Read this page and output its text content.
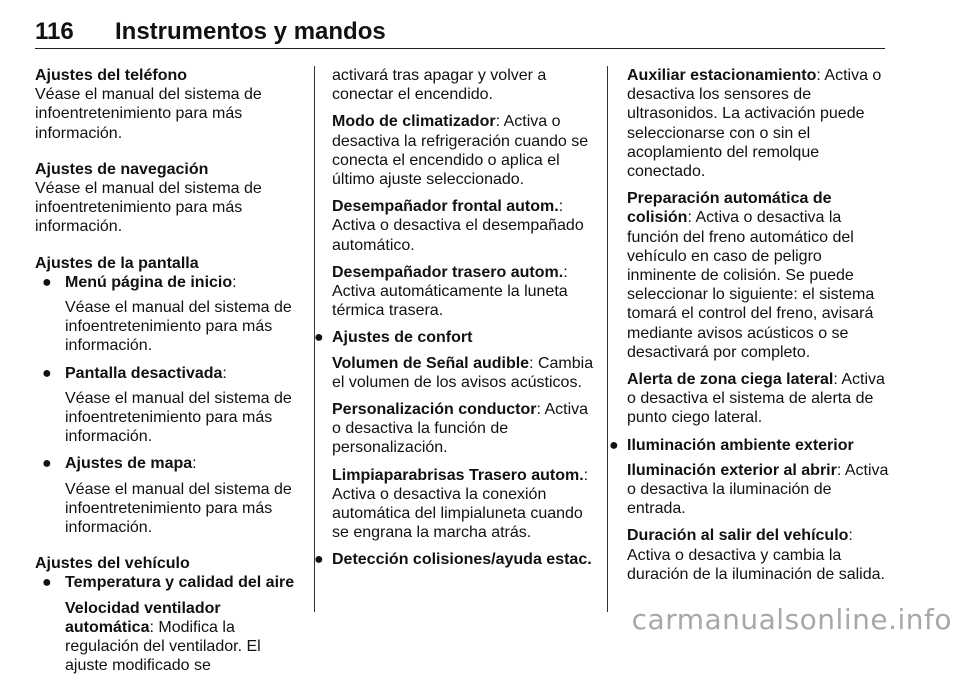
116 Instrumentos y mandos

Ajustes del teléfono

Véase el manual del sistema de infoentretenimiento para más información.

Ajustes de navegación

Véase el manual del sistema de infoentretenimiento para más información.

Ajustes de la pantalla

● Menú página de inicio:

Véase el manual del sistema de infoentretenimiento para más información.

● Pantalla desactivada:

Véase el manual del sistema de infoentretenimiento para más información.

● Ajustes de mapa:

Véase el manual del sistema de infoentretenimiento para más información.

Ajustes del vehículo

● Temperatura y calidad del aire

Velocidad ventilador automática: Modifica la regulación del ventilador. El ajuste modificado se

activará tras apagar y volver a conectar el encendido.

Modo de climatizador: Activa o desactiva la refrigeración cuando se conecta el encendido o aplica el último ajuste seleccionado.

Desempañador frontal autom.: Activa o desactiva el desempañado automático.

Desempañador trasero autom.: Activa automáticamente la luneta térmica trasera.

● Ajustes de confort

Volumen de Señal audible: Cambia el volumen de los avisos acústicos.

Personalización conductor: Activa o desactiva la función de personalización.

Limpiaparabrisas Trasero autom.: Activa o desactiva la conexión automática del limpialuneta cuando se engrana la marcha atrás.

● Detección colisiones/ayuda estac.

Auxiliar estacionamiento: Activa o desactiva los sensores de ultrasonidos. La activación puede seleccionarse con o sin el acoplamiento del remolque conectado.

Preparación automática de colisión: Activa o desactiva la función del freno automático del vehículo en caso de peligro inminente de colisión. Se puede seleccionar lo siguiente: el sistema tomará el control del freno, avisará mediante avisos acústicos o se desactivará por completo.

Alerta de zona ciega lateral: Activa o desactiva el sistema de alerta de punto ciego lateral.

● Iluminación ambiente exterior

Iluminación exterior al abrir: Activa o desactiva la iluminación de entrada.

Duración al salir del vehículo: Activa o desactiva y cambia la duración de la iluminación de salida.

carmanualsonline.info
